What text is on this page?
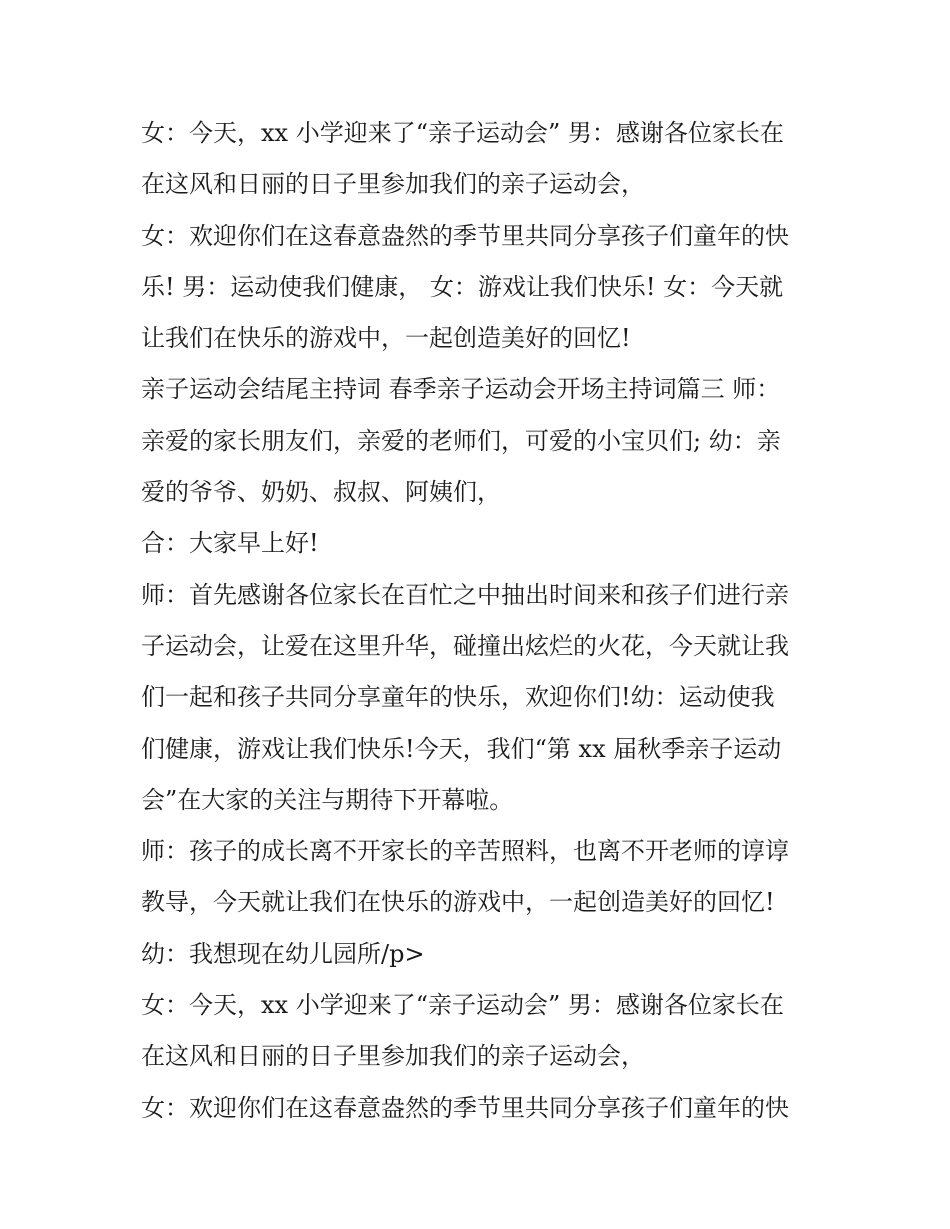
女：今天，xx 小学迎来了“亲子运动会” 男：感谢各位家长在
在这风和日丽的日子里参加我们的亲子运动会，
女：欢迎你们在这春意盎然的季节里共同分享孩子们童年的快
乐! 男：运动使我们健康， 女：游戏让我们快乐! 女：今天就
让我们在快乐的游戏中，一起创造美好的回忆!
亲子运动会结尾主持词 春季亲子运动会开场主持词篇三 师：
亲爱的家长朋友们，亲爱的老师们，可爱的小宝贝们; 幼：亲
爱的爷爷、奶奶、叔叔、阿姨们，
合：大家早上好!
师：首先感谢各位家长在百忙之中抽出时间来和孩子们进行亲
子运动会，让爱在这里升华，碰撞出炫烂的火花，今天就让我
们一起和孩子共同分享童年的快乐，欢迎你们!幼：运动使我
们健康，游戏让我们快乐!今天，我们“第 xx 届秋季亲子运动
会”在大家的关注与期待下开幕啦。
师：孩子的成长离不开家长的辛苦照料，也离不开老师的谆谆
教导，今天就让我们在快乐的游戏中，一起创造美好的回忆!
幼：我想现在幼儿园所/p>
女：今天，xx 小学迎来了“亲子运动会” 男：感谢各位家长在
在这风和日丽的日子里参加我们的亲子运动会，
女：欢迎你们在这春意盎然的季节里共同分享孩子们童年的快
